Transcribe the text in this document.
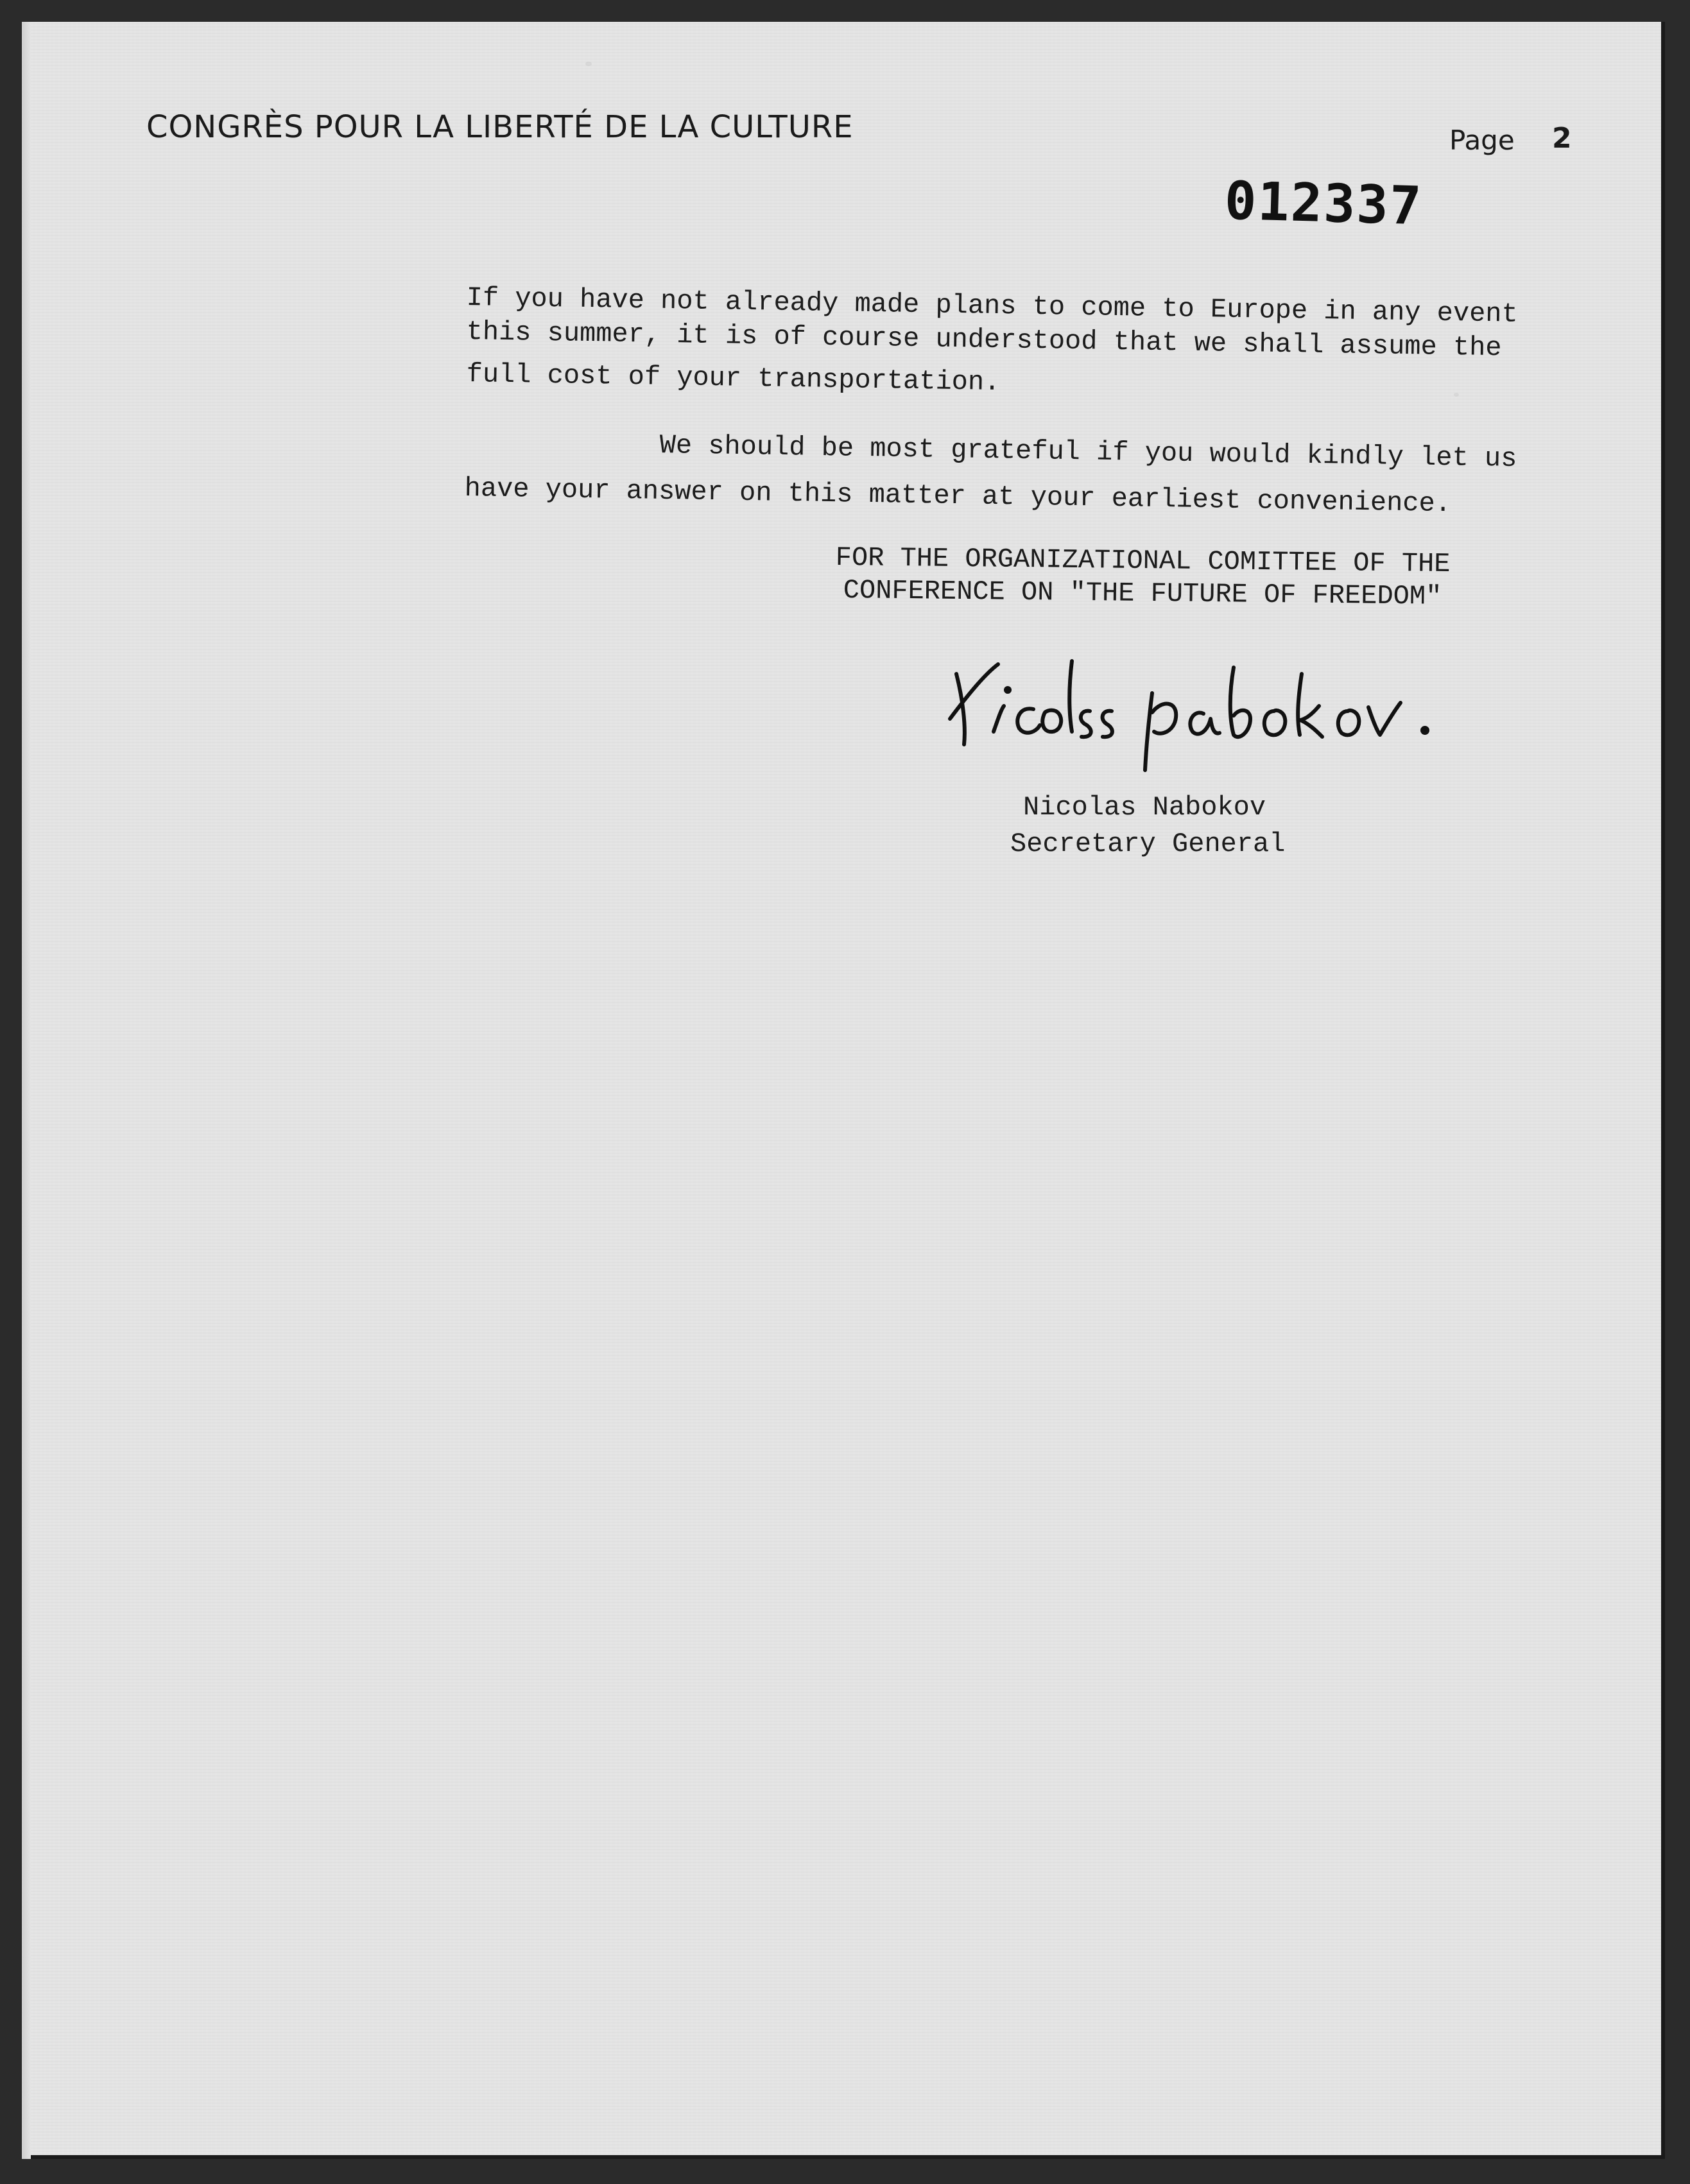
CONGRÈS POUR LA LIBERTÉ DE LA CULTURE	Page 2
012337
If you have not already made plans to come to Europe in any event
this summer, it is of course understood that we shall assume the
full cost of your transportation.
We should be most grateful if you would kindly let us
have your answer on this matter at your earliest convenience.
FOR THE ORGANIZATIONAL COMITTEE OF THE
CONFERENCE ON "THE FUTURE OF FREEDOM"
Nicolas Nabokov
Secretary General
